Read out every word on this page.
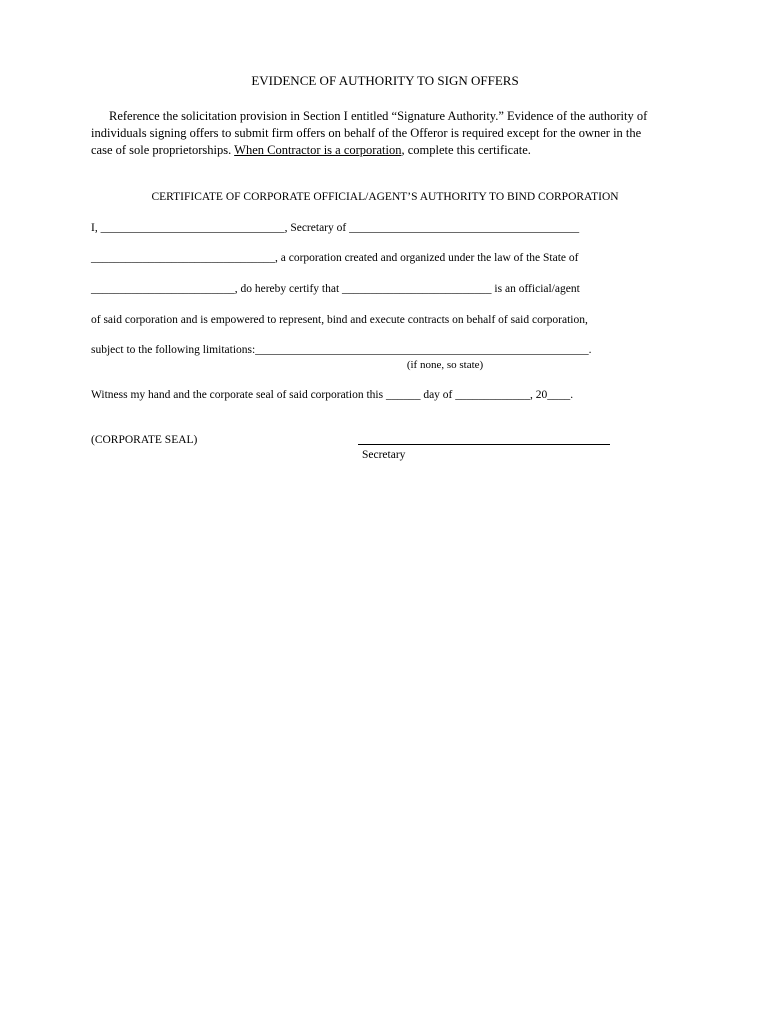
EVIDENCE OF AUTHORITY TO SIGN OFFERS
Reference the solicitation provision in Section I entitled “Signature Authority.” Evidence of the authority of individuals signing offers to submit firm offers on behalf of the Offeror is required except for the owner in the case of sole proprietorships. When Contractor is a corporation, complete this certificate.
CERTIFICATE OF CORPORATE OFFICIAL/AGENT’S AUTHORITY TO BIND CORPORATION
I, ________________________________, Secretary of ________________________________________
________________________________, a corporation created and organized under the law of the State of
_________________________, do hereby certify that __________________________ is an official/agent
of said corporation and is empowered to represent, bind and execute contracts on behalf of said corporation,
subject to the following limitations:__________________________________________________________.
(if none, so state)
Witness my hand and the corporate seal of said corporation this ______ day of _____________, 20____.
(CORPORATE SEAL)
Secretary
